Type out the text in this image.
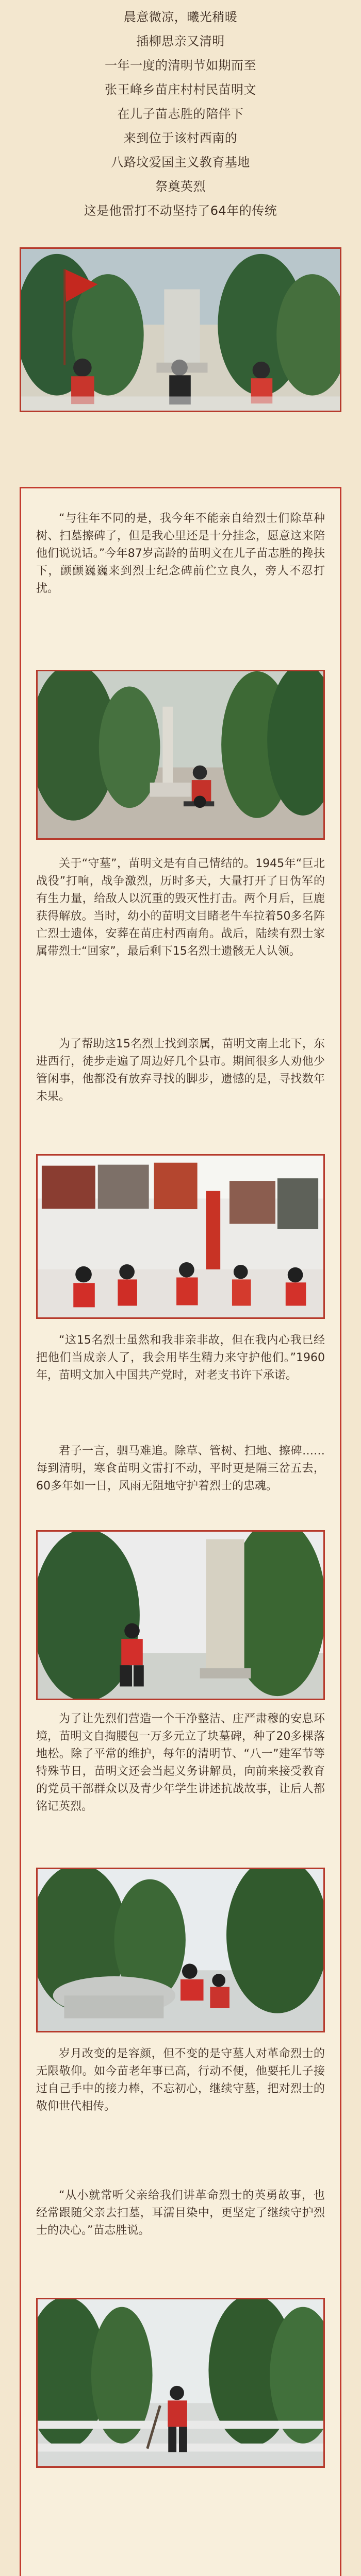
晨意微凉，曦光稍暖

插柳思亲又清明

一年一度的清明节如期而至

张王峰乡苗庄村村民苗明文

在儿子苗志胜的陪伴下

来到位于该村西南的

八路坟爱国主义教育基地

祭奠英烈

这是他雷打不动坚持了64年的传统

“与往年不同的是，我今年不能亲自给烈士们除草种树、扫墓擦碑了，但是我心里还是十分挂念，愿意这来陪他们说说话。”今年87岁高龄的苗明文在儿子苗志胜的搀扶下，颤颤巍巍来到烈士纪念碑前伫立良久，旁人不忍打扰。

关于“守墓”，苗明文是有自己情结的。1945年“巨北战役”打响，战争激烈，历时多天，大量打开了日伪军的有生力量，给敌人以沉重的毁灭性打击。两个月后，巨鹿获得解放。当时，幼小的苗明文目睹老牛车拉着50多名阵亡烈士遗体，安葬在苗庄村西南角。战后，陆续有烈士家属带烈士“回家”，最后剩下15名烈士遗骸无人认领。

为了帮助这15名烈士找到亲属，苗明文南上北下，东进西行，徒步走遍了周边好几个县市。期间很多人劝他少管闲事，他都没有放弃寻找的脚步，遗憾的是，寻找数年未果。

“这15名烈士虽然和我非亲非故，但在我内心我已经把他们当成亲人了，我会用毕生精力来守护他们。”1960年，苗明文加入中国共产党时，对老支书许下承诺。

君子一言，驷马难追。除草、管树、扫地、擦碑……每到清明，寒食苗明文雷打不动，平时更是隔三岔五去，60多年如一日，风雨无阻地守护着烈士的忠魂。

为了让先烈们营造一个干净整洁、庄严肃穆的安息环境，苗明文自掏腰包一万多元立了块墓碑，种了20多棵落地松。除了平常的维护，每年的清明节、“八一”建军节等特殊节日，苗明文还会当起义务讲解员，向前来接受教育的党员干部群众以及青少年学生讲述抗战故事，让后人都铭记英烈。

岁月改变的是容颜，但不变的是守墓人对革命烈士的无限敬仰。如今苗老年事已高，行动不便，他要托儿子接过自己手中的接力棒，不忘初心，继续守墓，把对烈士的敬仰世代相传。

“从小就常听父亲给我们讲革命烈士的英勇故事，也经常跟随父亲去扫墓，耳濡目染中，更坚定了继续守护烈士的决心。”苗志胜说。
